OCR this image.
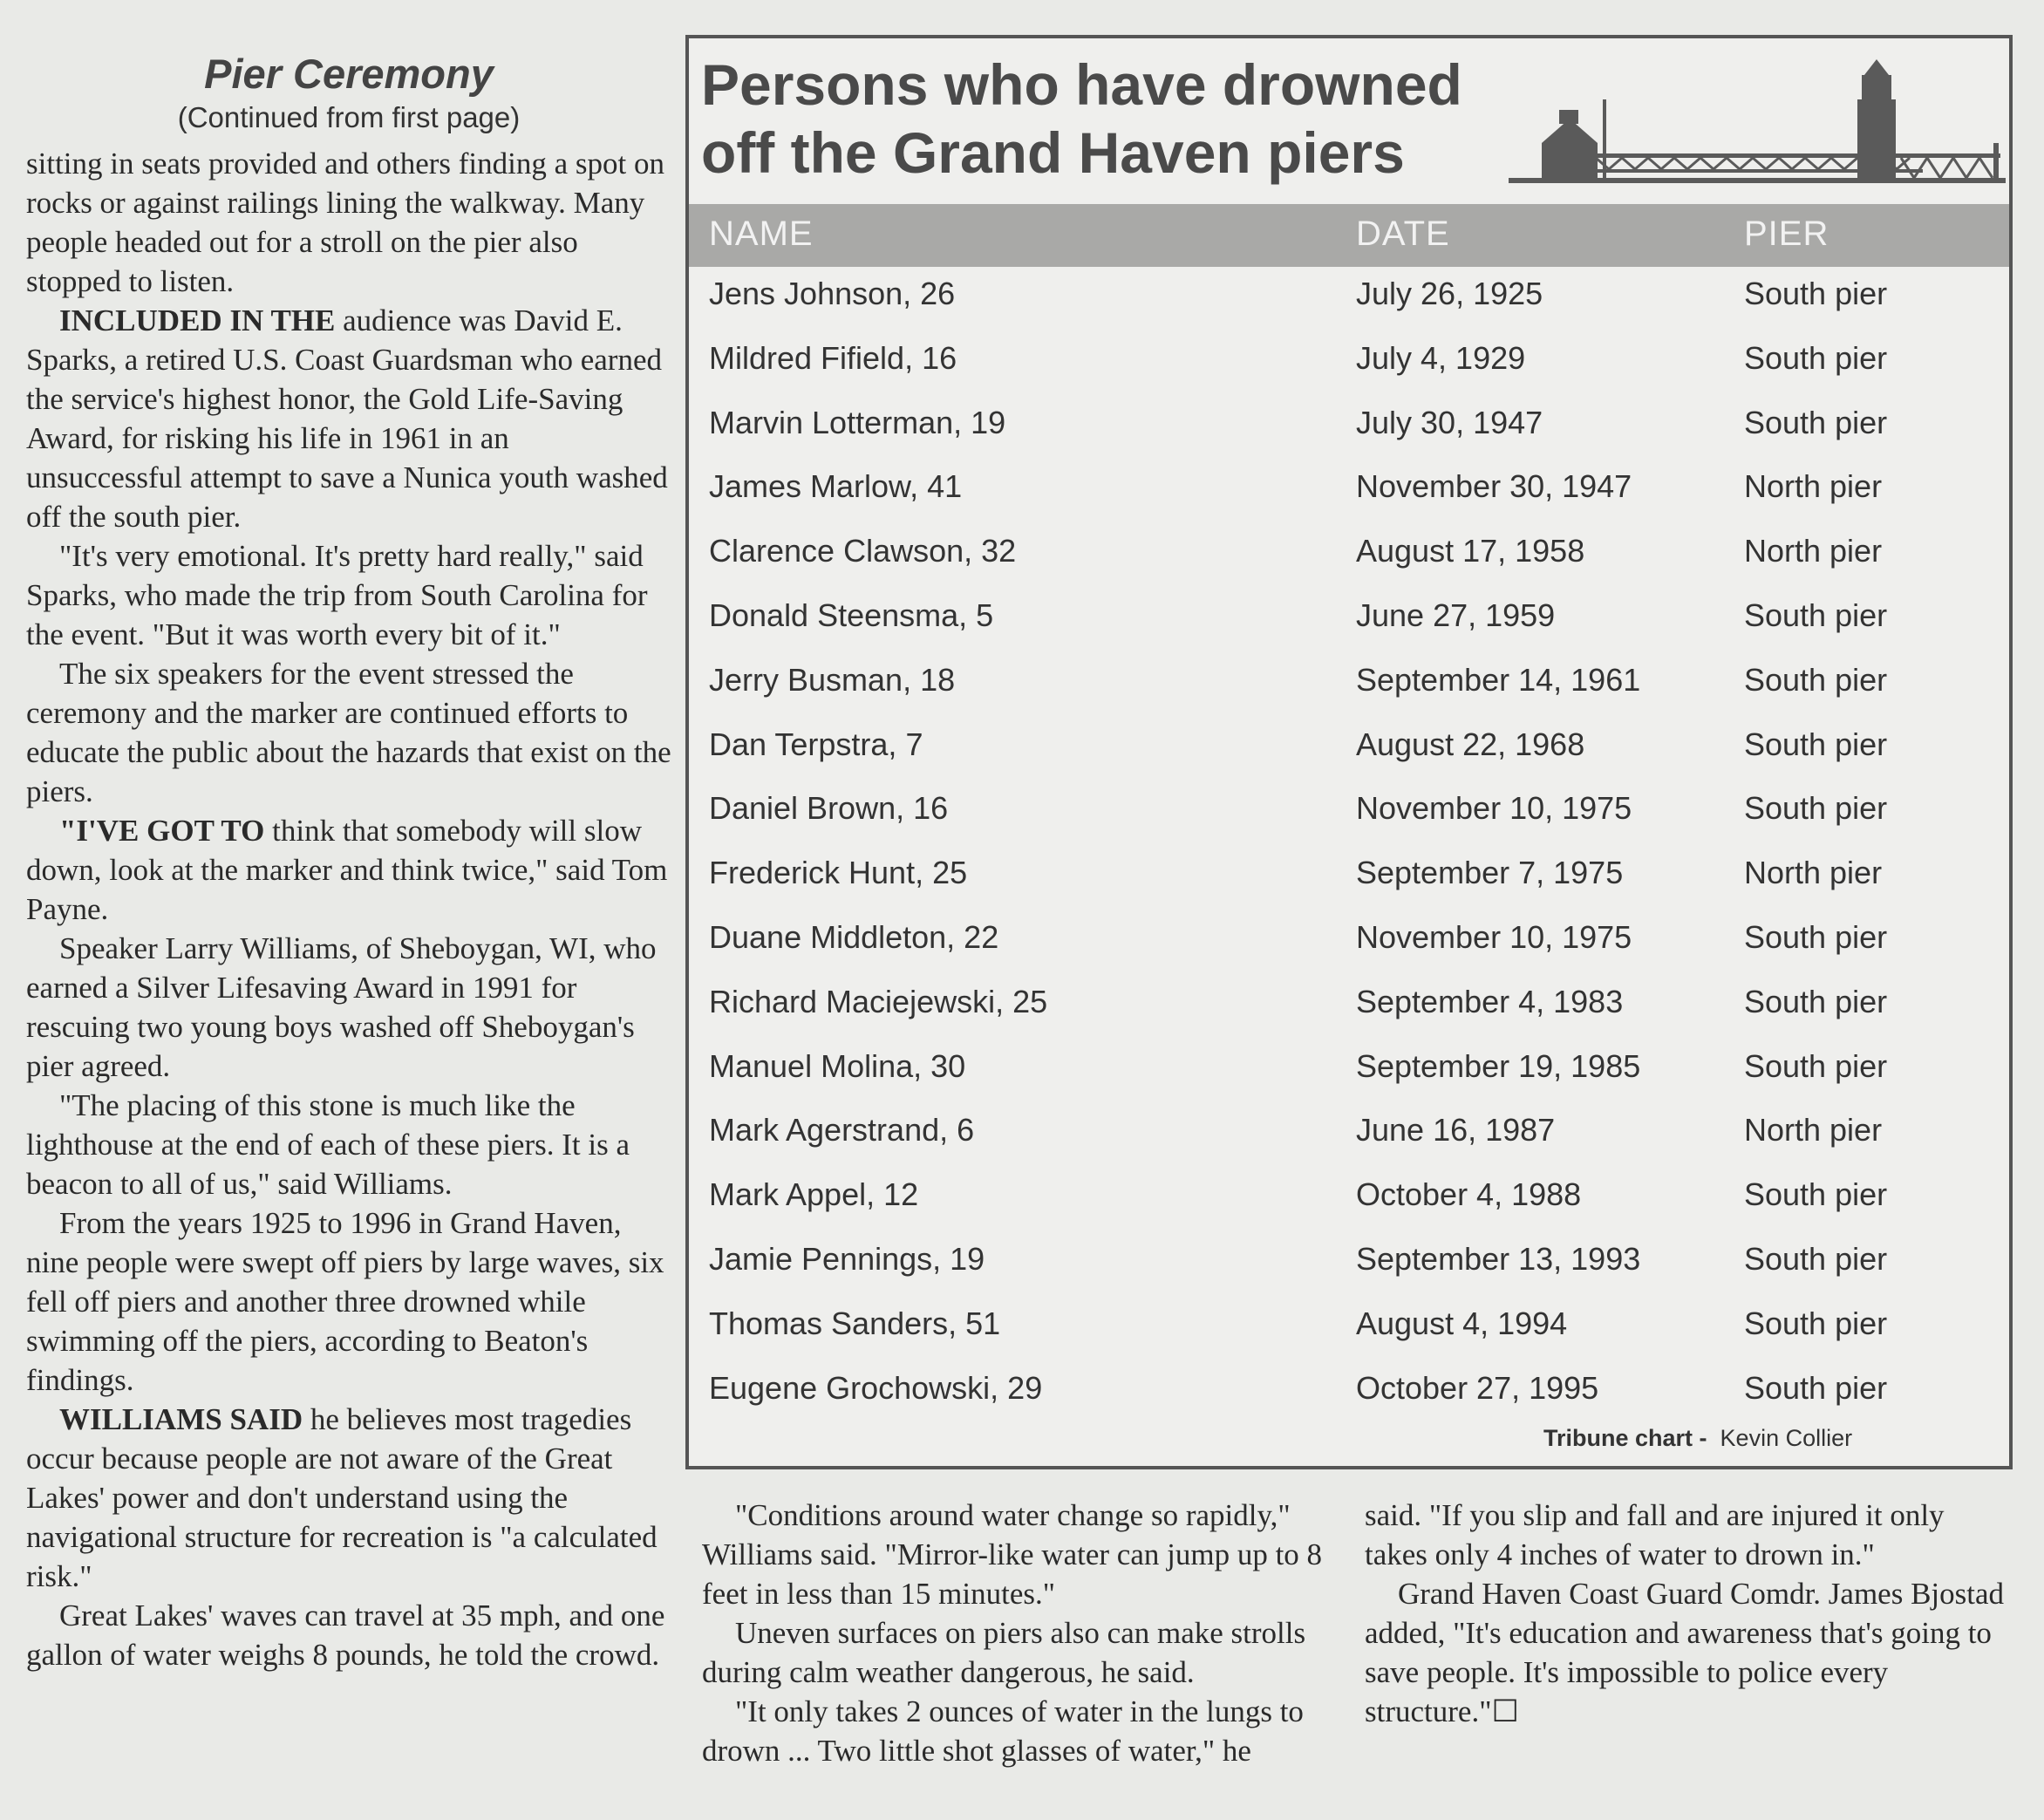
Pier Ceremony

(Continued from first page)

sitting in seats provided and others finding a spot on rocks or against railings lining the walkway. Many people headed out for a stroll on the pier also stopped to listen.

INCLUDED IN THE audience was David E. Sparks, a retired U.S. Coast Guardsman who earned the service's highest honor, the Gold Life-Saving Award, for risking his life in 1961 in an unsuccessful attempt to save a Nunica youth washed off the south pier.

"It's very emotional. It's pretty hard really," said Sparks, who made the trip from South Carolina for the event. "But it was worth every bit of it."

The six speakers for the event stressed the ceremony and the marker are continued efforts to educate the public about the hazards that exist on the piers.

"I'VE GOT TO think that somebody will slow down, look at the marker and think twice," said Tom Payne.

Speaker Larry Williams, of Sheboygan, WI, who earned a Silver Lifesaving Award in 1991 for rescuing two young boys washed off Sheboygan's pier agreed.

"The placing of this stone is much like the lighthouse at the end of each of these piers. It is a beacon to all of us," said Williams.

From the years 1925 to 1996 in Grand Haven, nine people were swept off piers by large waves, six fell off piers and another three drowned while swimming off the piers, according to Beaton's findings.

WILLIAMS SAID he believes most tragedies occur because people are not aware of the Great Lakes' power and don't understand using the navigational structure for recreation is "a calculated risk."

Great Lakes' waves can travel at 35 mph, and one gallon of water weighs 8 pounds, he told the crowd.

Persons who have drowned
off the Grand Haven piers
NAME	DATE	PIER
Jens Johnson, 26	July 26, 1925	South pier
Mildred Fifield, 16	July 4, 1929	South pier
Marvin Lotterman, 19	July 30, 1947	South pier
James Marlow, 41	November 30, 1947	North pier
Clarence Clawson, 32	August 17, 1958	North pier
Donald Steensma, 5	June 27, 1959	South pier
Jerry Busman, 18	September 14, 1961	South pier
Dan Terpstra, 7	August 22, 1968	South pier
Daniel Brown, 16	November 10, 1975	South pier
Frederick Hunt, 25	September 7, 1975	North pier
Duane Middleton, 22	November 10, 1975	South pier
Richard Maciejewski, 25	September 4, 1983	South pier
Manuel Molina, 30	September 19, 1985	South pier
Mark Agerstrand, 6	June 16, 1987	North pier
Mark Appel, 12	October 4, 1988	South pier
Jamie Pennings, 19	September 13, 1993	South pier
Thomas Sanders, 51	August 4, 1994	South pier
Eugene Grochowski, 29	October 27, 1995	South pier
Tribune chart - Kevin Collier

"Conditions around water change so rapidly," Williams said. "Mirror-like water can jump up to 8 feet in less than 15 minutes."

Uneven surfaces on piers also can make strolls during calm weather dangerous, he said.

"It only takes 2 ounces of water in the lungs to drown ... Two little shot glasses of water," he

said. "If you slip and fall and are injured it only takes only 4 inches of water to drown in."

Grand Haven Coast Guard Comdr. James Bjostad added, "It's education and awareness that's going to save people. It's impossible to police every structure."☐
